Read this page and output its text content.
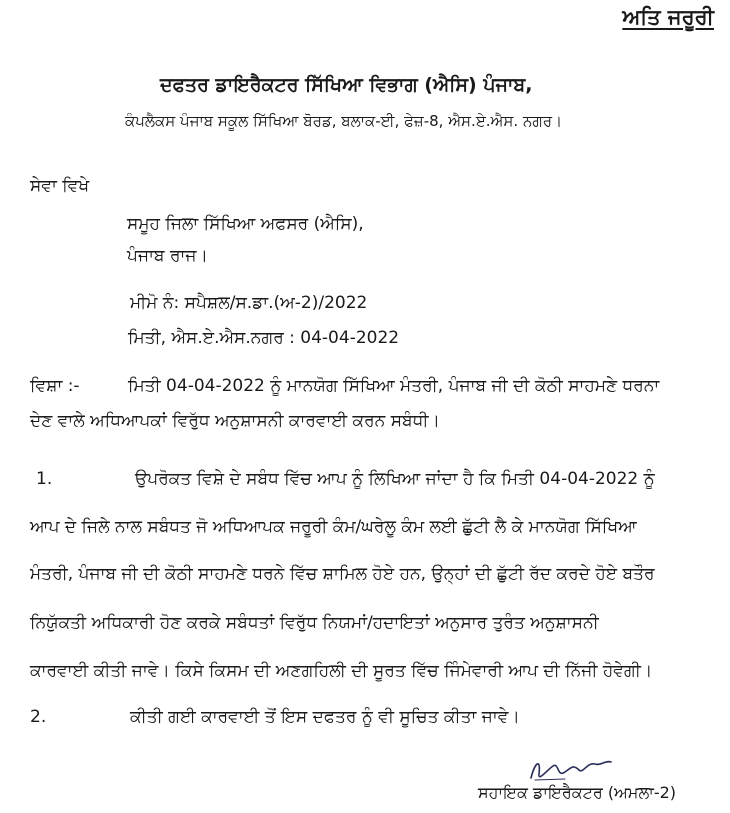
ਅਤਿ ਜਰੂਰੀ
ਦਫਤਰ ਡਾਇਰੈਕਟਰ ਸਿੱਖਿਆ ਵਿਭਾਗ (ਐਸਿ) ਪੰਜਾਬ,
ਕੰਪਲੈਕਸ ਪੰਜਾਬ ਸਕੂਲ ਸਿੱਖਿਆ ਬੋਰਡ, ਬਲਾਕ-ਈ, ਫੇਜ਼-8, ਐਸ.ਏ.ਐਸ. ਨਗਰ।
ਸੇਵਾ ਵਿਖੇ
ਸਮੂਹ ਜਿਲਾ ਸਿੱਖਿਆ ਅਫਸਰ (ਐਸਿ),
ਪੰਜਾਬ ਰਾਜ।
ਮੀਮੋ ਨੰ: ਸਪੈਸ਼ਲ/ਸ.ਡਾ.(ਅ-2)/2022
ਮਿਤੀ, ਐਸ.ਏ.ਐਸ.ਨਗਰ : 04-04-2022
ਵਿਸ਼ਾ :-	ਮਿਤੀ 04-04-2022 ਨੂੰ ਮਾਨਯੋਗ ਸਿੱਖਿਆ ਮੰਤਰੀ, ਪੰਜਾਬ ਜੀ ਦੀ ਕੋਠੀ ਸਾਹਮਣੇ ਧਰਨਾ
ਦੇਣ ਵਾਲੇ ਅਧਿਆਪਕਾਂ ਵਿਰੁੱਧ ਅਨੁਸ਼ਾਸਨੀ ਕਾਰਵਾਈ ਕਰਨ ਸਬੰਧੀ।
1.	ਉਪਰੋਕਤ ਵਿਸ਼ੇ ਦੇ ਸਬੰਧ ਵਿੱਚ ਆਪ ਨੂੰ ਲਿਖਿਆ ਜਾਂਦਾ ਹੈ ਕਿ ਮਿਤੀ 04-04-2022 ਨੂੰ
ਆਪ ਦੇ ਜਿਲੇ ਨਾਲ ਸਬੰਧਤ ਜੋ ਅਧਿਆਪਕ ਜਰੂਰੀ ਕੰਮ/ਘਰੇਲੂ ਕੰਮ ਲਈ ਛੁੱਟੀ ਲੈ ਕੇ ਮਾਨਯੋਗ ਸਿੱਖਿਆ
ਮੰਤਰੀ, ਪੰਜਾਬ ਜੀ ਦੀ ਕੋਠੀ ਸਾਹਮਣੇ ਧਰਨੇ ਵਿੱਚ ਸ਼ਾਮਿਲ ਹੋਏ ਹਨ, ਉਨ੍ਹਾਂ ਦੀ ਛੁੱਟੀ ਰੱਦ ਕਰਦੇ ਹੋਏ ਬਤੌਰ
ਨਿਯੁੱਕਤੀ ਅਧਿਕਾਰੀ ਹੋਣ ਕਰਕੇ ਸਬੰਧਤਾਂ ਵਿਰੁੱਧ ਨਿਯਮਾਂ/ਹਦਾਇਤਾਂ ਅਨੁਸਾਰ ਤੁਰੰਤ ਅਨੁਸ਼ਾਸਨੀ
ਕਾਰਵਾਈ ਕੀਤੀ ਜਾਵੇ। ਕਿਸੇ ਕਿਸਮ ਦੀ ਅਣਗਹਿਲੀ ਦੀ ਸੂਰਤ ਵਿੱਚ ਜਿੰਮੇਵਾਰੀ ਆਪ ਦੀ ਨਿੱਜੀ ਹੋਵੇਗੀ।
2.	ਕੀਤੀ ਗਈ ਕਾਰਵਾਈ ਤੋਂ ਇਸ ਦਫਤਰ ਨੂੰ ਵੀ ਸੂਚਿਤ ਕੀਤਾ ਜਾਵੇ।
ਸਹਾਇਕ ਡਾਇਰੈਕਟਰ (ਅਮਲਾ-2)
